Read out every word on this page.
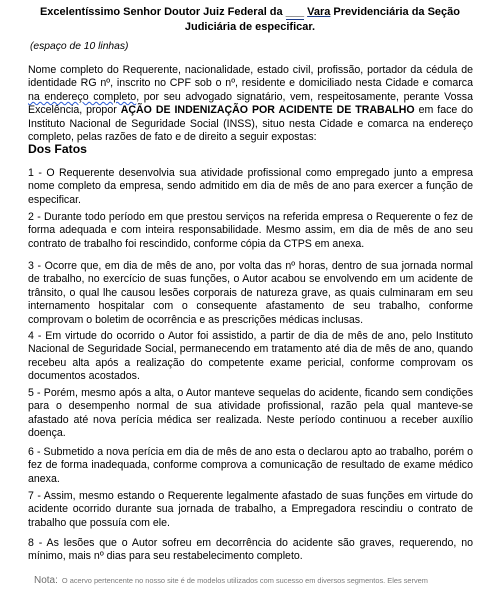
Excelentíssimo Senhor Doutor Juiz Federal da ___ Vara Previdenciária da Seção Judiciária de especificar.

(espaço de 10 linhas)

Nome completo do Requerente, nacionalidade, estado civil, profissão, portador da cédula de identidade RG nº, inscrito no CPF sob o nº, residente e domiciliado nesta Cidade e comarca na endereço completo, por seu advogado signatário, vem, respeitosamente, perante Vossa Excelência, propor AÇÃO DE INDENIZAÇÃO POR ACIDENTE DE TRABALHO em face do Instituto Nacional de Seguridade Social (INSS), situo nesta Cidade e comarca na endereço completo, pelas razões de fato e de direito a seguir expostas:

Dos Fatos

1 - O Requerente desenvolvia sua atividade profissional como empregado junto a empresa nome completo da empresa, sendo admitido em dia de mês de ano para exercer a função de especificar.

2 - Durante todo período em que prestou serviços na referida empresa o Requerente o fez de forma adequada e com inteira responsabilidade. Mesmo assim, em dia de mês de ano seu contrato de trabalho foi rescindido, conforme cópia da CTPS em anexa.

3 - Ocorre que, em dia de mês de ano, por volta das nº horas, dentro de sua jornada normal de trabalho, no exercício de suas funções, o Autor acabou se envolvendo em um acidente de trânsito, o qual lhe causou lesões corporais de natureza grave, as quais culminaram em seu internamento hospitalar com o consequente afastamento de seu trabalho, conforme comprovam o boletim de ocorrência e as prescrições médicas inclusas.

4 - Em virtude do ocorrido o Autor foi assistido, a partir de dia de mês de ano, pelo Instituto Nacional de Seguridade Social, permanecendo em tratamento até dia de mês de ano, quando recebeu alta após a realização do competente exame pericial, conforme comprovam os documentos acostados.

5 - Porém, mesmo após a alta, o Autor manteve sequelas do acidente, ficando sem condições para o desempenho normal de sua atividade profissional, razão pela qual manteve-se afastado até nova perícia médica ser realizada. Neste período continuou a receber auxílio doença.

6 - Submetido a nova perícia em dia de mês de ano esta o declarou apto ao trabalho, porém o fez de forma inadequada, conforme comprova a comunicação de resultado de exame médico anexa.

7 - Assim, mesmo estando o Requerente legalmente afastado de suas funções em virtude do acidente ocorrido durante sua jornada de trabalho, a Empregadora rescindiu o contrato de trabalho que possuía com ele.

8 - As lesões que o Autor sofreu em decorrência do acidente são graves, requerendo, no mínimo, mais nº dias para seu restabelecimento completo.

Nota: O acervo pertencente no nosso site é de modelos utilizados com sucesso em diversos segmentos. Eles servem
